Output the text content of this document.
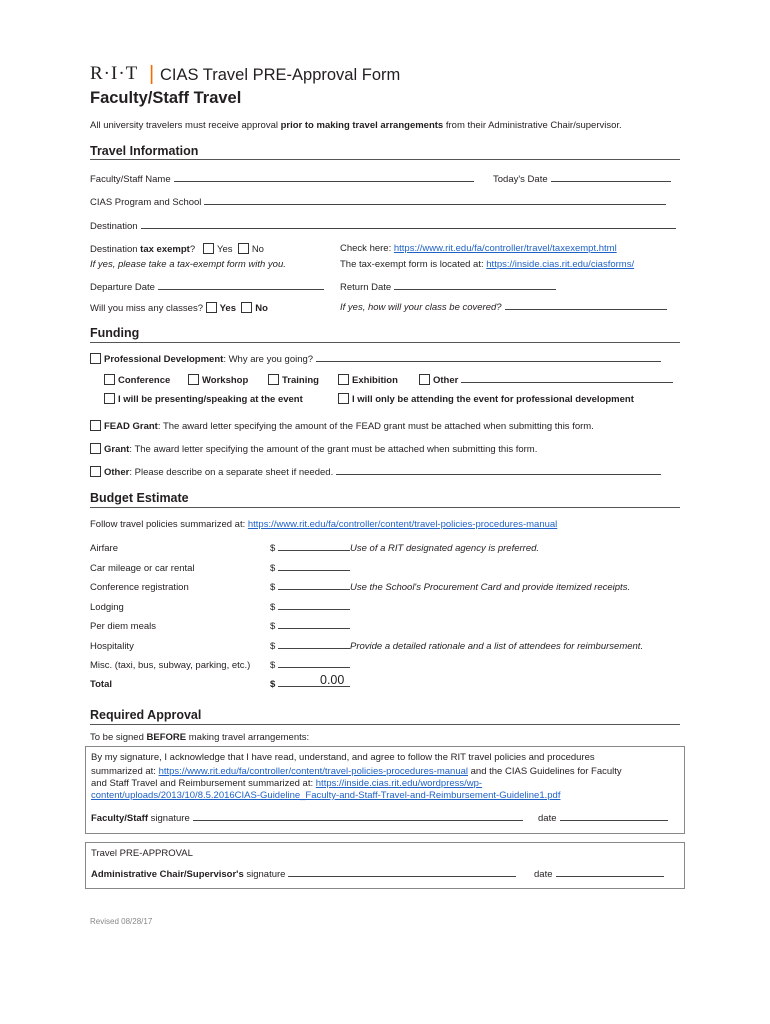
R·I·T | CIAS Travel PRE-Approval Form
Faculty/Staff Travel
All university travelers must receive approval prior to making travel arrangements from their Administrative Chair/supervisor.
Travel Information
Faculty/Staff Name	Today's Date
CIAS Program and School
Destination
Destination tax exempt? Yes No
If yes, please take a tax-exempt form with you.
Check here: https://www.rit.edu/fa/controller/travel/taxexempt.html
The tax-exempt form is located at: https://inside.cias.rit.edu/ciasforms/
Departure Date	Return Date
Will you miss any classes? Yes No	If yes, how will your class be covered?
Funding
Professional Development: Why are you going?
Conference	Workshop	Training	Exhibition	Other
I will be presenting/speaking at the event	I will only be attending the event for professional development
FEAD Grant: The award letter specifying the amount of the FEAD grant must be attached when submitting this form.
Grant: The award letter specifying the amount of the grant must be attached when submitting this form.
Other: Please describe on a separate sheet if needed.
Budget Estimate
Follow travel policies summarized at: https://www.rit.edu/fa/controller/content/travel-policies-procedures-manual
Airfare	$	Use of a RIT designated agency is preferred.
Car mileage or car rental	$
Conference registration	$	Use the School's Procurement Card and provide itemized receipts.
Lodging	$
Per diem meals	$
Hospitality	$	Provide a detailed rationale and a list of attendees for reimbursement.
Misc. (taxi, bus, subway, parking, etc.) $
Total	$	0.00
Required Approval
To be signed BEFORE making travel arrangements:
By my signature, I acknowledge that I have read, understand, and agree to follow the RIT travel policies and procedures
summarized at: https://www.rit.edu/fa/controller/content/travel-policies-procedures-manual and the CIAS Guidelines for Faculty
and Staff Travel and Reimbursement summarized at: https://inside.cias.rit.edu/wordpress/wp-
content/uploads/2013/10/8.5.2016CIAS-Guideline_Faculty-and-Staff-Travel-and-Reimbursement-Guideline1.pdf
Faculty/Staff signature	date
Travel PRE-APPROVAL
Administrative Chair/Supervisor's signature	date
Revised 08/28/17
